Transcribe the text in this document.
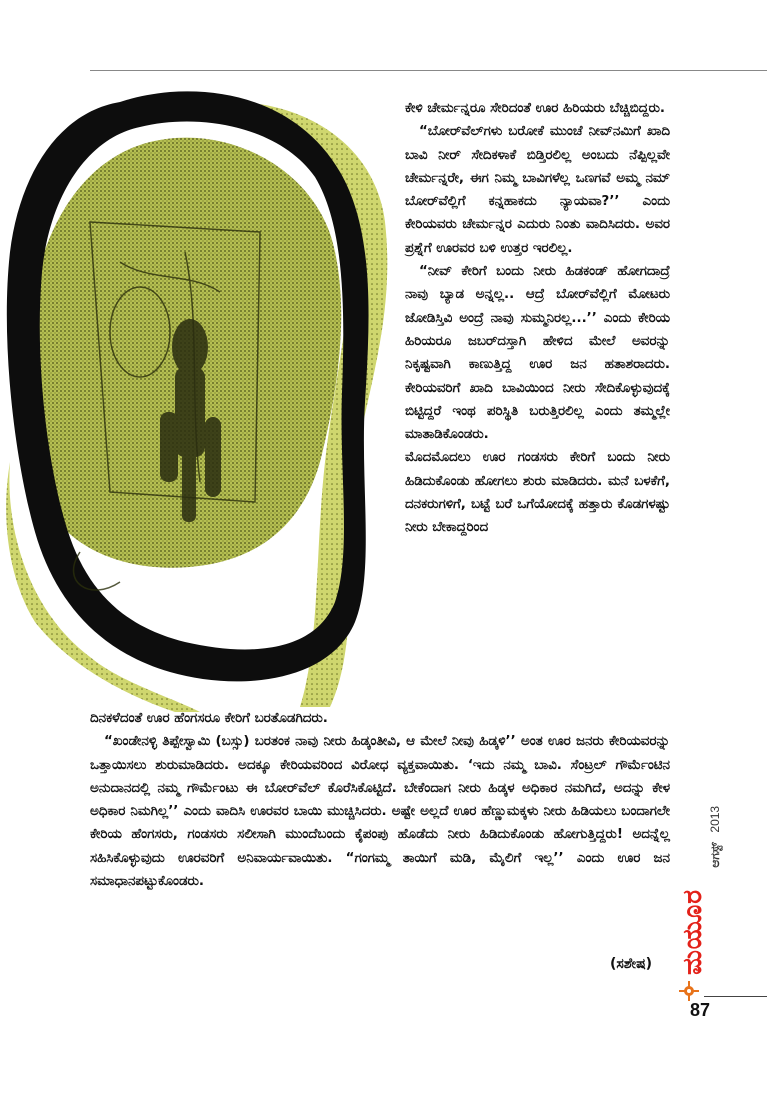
ಕೇಳಿ ಚೇರ್ಮನ್ನರೂ ಸೇರಿದಂತೆ ಊರ ಹಿರಿಯರು ಬೆಚ್ಚಿಬಿದ್ದರು.

“ಬೋರ್‌ವೆಲ್‌ಗಳು ಬರೋಕೆ ಮುಂಚೆ ನೀವ್‌ನಮಿಗೆ ಖಾದಿ ಬಾವಿ ನೀರ್ ಸೇದಿಕಳಾಕೆ ಬಿಡ್ತಿರಲಿಲ್ಲ ಅಂಬದು ನೆಪ್ಪಿಲ್ಲವೇ ಚೇರ್ಮನ್ನರೇ, ಈಗ ನಿಮ್ಮ ಬಾವಿಗಳೆಲ್ಲ ಒಣಗವೆ ಅಮ್ಮ ನಮ್ ಬೋರ್‌ವೆಲ್ಲಿಗೆ ಕನ್ನಹಾಕದು ನ್ಯಾಯವಾ?’’ ಎಂದು ಕೇರಿಯವರು ಚೇರ್ಮನ್ನರ ಎದುರು ನಿಂತು ವಾದಿಸಿದರು. ಅವರ ಪ್ರಶ್ನೆಗೆ ಊರವರ ಬಳಿ ಉತ್ತರ ಇರಲಿಲ್ಲ.

“ನೀವ್ ಕೇರಿಗೆ ಬಂದು ನೀರು ಹಿಡಕಂಡ್ ಹೋಗದಾದ್ರೆ ನಾವು ಬ್ಯಾಡ ಅನ್ನಲ್ಲ.. ಆದ್ರೆ ಬೋರ್‌ವೆಲ್ಲಿಗೆ ಮೋಟರು ಜೋಡಿಸ್ತಿವಿ ಅಂದ್ರೆ ನಾವು ಸುಮ್ಮನಿರಲ್ಲ...’’ ಎಂದು ಕೇರಿಯ ಹಿರಿಯರೂ ಜಬರ್‌ದಸ್ತಾಗಿ ಹೇಳಿದ ಮೇಲೆ ಅವರನ್ನು ನಿಕೃಷ್ಟವಾಗಿ ಕಾಣುತ್ತಿದ್ದ ಊರ ಜನ ಹತಾಶರಾದರು. ಕೇರಿಯವರಿಗೆ ಖಾದಿ ಬಾವಿಯಿಂದ ನೀರು ಸೇದಿಕೊಳ್ಳುವುದಕ್ಕೆ ಬಿಟ್ಟಿದ್ದರೆ ಇಂಥ ಪರಿಸ್ಥಿತಿ ಬರುತ್ತಿರಲಿಲ್ಲ ಎಂದು ತಮ್ಮಲ್ಲೇ ಮಾತಾಡಿಕೊಂಡರು.

ಮೊದಮೊದಲು ಊರ ಗಂಡಸರು ಕೇರಿಗೆ ಬಂದು ನೀರು ಹಿಡಿದುಕೊಂಡು ಹೋಗಲು ಶುರು ಮಾಡಿದರು. ಮನೆ ಬಳಕೆಗೆ, ದನಕರುಗಳಿಗೆ, ಬಟ್ಟೆ ಬರೆ ಒಗೆಯೋದಕ್ಕೆ ಹತ್ತಾರು ಕೊಡಗಳಷ್ಟು ನೀರು ಬೇಕಾದ್ದರಿಂದ

ದಿನಕಳೆದಂತೆ ಊರ ಹೆಂಗಸರೂ ಕೇರಿಗೆ ಬರತೊಡಗಿದರು.

“ಖಂಡೇನಳ್ಳಿ ತಿಪ್ಪೇಸ್ವಾಮಿ (ಬಸ್ಸು) ಬರತಂಕ ನಾವು ನೀರು ಹಿಡ್ಕಂತೀವಿ, ಆ ಮೇಲೆ ನೀವು ಹಿಡ್ಕಳಿ’’ ಅಂತ ಊರ ಜನರು ಕೇರಿಯವರನ್ನು ಒತ್ತಾಯಿಸಲು ಶುರುಮಾಡಿದರು. ಅದಕ್ಕೂ ಕೇರಿಯವರಿಂದ ವಿರೋಧ ವ್ಯಕ್ತವಾಯಿತು. ‘ಇದು ನಮ್ಮ ಬಾವಿ. ಸೆಂಟ್ರಲ್ ಗೌರ್ಮೆಂಟಿನ ಅನುದಾನದಲ್ಲಿ ನಮ್ಮ ಗೌರ್ಮೆಂಟು ಈ ಬೋರ್‌ವೆಲ್ ಕೊರೆಸಿಕೊಟ್ಟಿದೆ. ಬೇಕೆಂದಾಗ ನೀರು ಹಿಡ್ಕಳ ಅಧಿಕಾರ ನಮಗಿದೆ, ಅದನ್ನು ಕೇಳ ಅಧಿಕಾರ ನಿಮಗಿಲ್ಲ’’ ಎಂದು ವಾದಿಸಿ ಊರವರ ಬಾಯಿ ಮುಚ್ಚಿಸಿದರು. ಅಷ್ಟೇ ಅಲ್ಲದೆ ಊರ ಹೆಣ್ಣುಮಕ್ಕಳು ನೀರು ಹಿಡಿಯಲು ಬಂದಾಗಲೇ ಕೇರಿಯ ಹೆಂಗಸರು, ಗಂಡಸರು ಸಲೀಸಾಗಿ ಮುಂದೆಬಂದು ಕೈಪಂಪು ಹೊಡೆದು ನೀರು ಹಿಡಿದುಕೊಂಡು ಹೋಗುತ್ತಿದ್ದರು! ಅದನ್ನೆಲ್ಲ ಸಹಿಸಿಕೊಳ್ಳುವುದು ಊರವರಿಗೆ ಅನಿವಾರ್ಯವಾಯಿತು. “ಗಂಗಮ್ಮ ತಾಯಿಗೆ ಮಡಿ, ಮೈಲಿಗೆ ಇಲ್ಲ’’ ಎಂದು ಊರ ಜನ ಸಮಾಧಾನಪಟ್ಟುಕೊಂಡರು.

(ಸಶೇಷ)
ಆಗಸ್ಟ್ 2013
ಮಯೂರ
87
